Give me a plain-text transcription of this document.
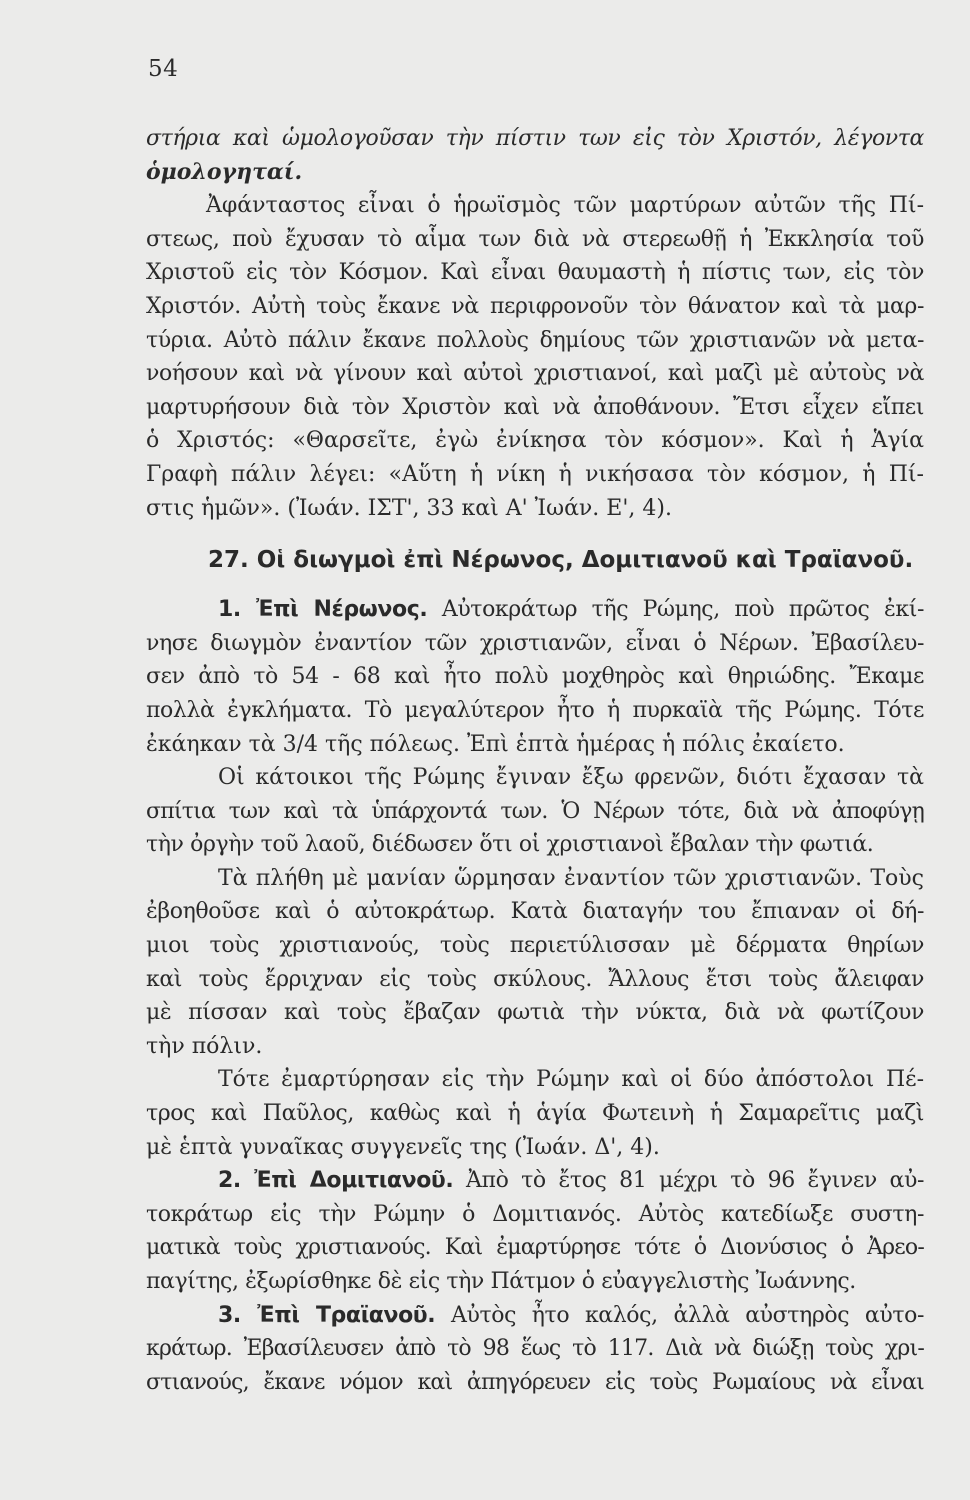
54
στήρια καὶ ὡμολογοῦσαν τὴν πίστιν των εἰς τὸν Χριστόν, λέγοντα
ὁμολογηταί.
Ἀφάνταστος εἶναι ὁ ἡρωϊσμὸς τῶν μαρτύρων αὐτῶν τῆς Πί-
στεως, ποὺ ἔχυσαν τὸ αἷμα των διὰ νὰ στερεωθῇ ἡ Ἐκκλησία τοῦ
Χριστοῦ εἰς τὸν Κόσμον. Καὶ εἶναι θαυμαστὴ ἡ πίστις των, εἰς τὸν
Χριστόν. Αὐτὴ τοὺς ἔκανε νὰ περιφρονοῦν τὸν θάνατον καὶ τὰ μαρ-
τύρια. Αὐτὸ πάλιν ἔκανε πολλοὺς δημίους τῶν χριστιανῶν νὰ μετα-
νοήσουν καὶ νὰ γίνουν καὶ αὐτοὶ χριστιανοί, καὶ μαζὶ μὲ αὐτοὺς νὰ
μαρτυρήσουν διὰ τὸν Χριστὸν καὶ νὰ ἀποθάνουν. Ἔτσι εἶχεν εἴπει
ὁ Χριστός: «Θαρσεῖτε, ἐγὼ ἐνίκησα τὸν κόσμον». Καὶ ἡ Ἁγία
Γραφὴ πάλιν λέγει: «Αὕτη ἡ νίκη ἡ νικήσασα τὸν κόσμον, ἡ Πί-
στις ἡμῶν». (Ἰωάν. ΙΣΤ', 33 καὶ Α' Ἰωάν. Ε', 4).
27. Οἱ διωγμοὶ ἐπὶ Νέρωνος, Δομιτιανοῦ καὶ Τραϊανοῦ.
1. Ἐπὶ Νέρωνος. Αὐτοκράτωρ τῆς Ρώμης, ποὺ πρῶτος ἐκί-
νησε διωγμὸν ἐναντίον τῶν χριστιανῶν, εἶναι ὁ Νέρων. Ἐβασίλευ-
σεν ἀπὸ τὸ 54 - 68 καὶ ἦτο πολὺ μοχθηρὸς καὶ θηριώδης. Ἔκαμε
πολλὰ ἐγκλήματα. Τὸ μεγαλύτερον ἦτο ἡ πυρκαϊὰ τῆς Ρώμης. Τότε
ἐκάηκαν τὰ 3/4 τῆς πόλεως. Ἐπὶ ἑπτὰ ἡμέρας ἡ πόλις ἐκαίετο.
Οἱ κάτοικοι τῆς Ρώμης ἔγιναν ἔξω φρενῶν, διότι ἔχασαν τὰ
σπίτια των καὶ τὰ ὑπάρχοντά των. Ὁ Νέρων τότε, διὰ νὰ ἀποφύγῃ
τὴν ὀργὴν τοῦ λαοῦ, διέδωσεν ὅτι οἱ χριστιανοὶ ἔβαλαν τὴν φωτιά.
Τὰ πλήθη μὲ μανίαν ὥρμησαν ἐναντίον τῶν χριστιανῶν. Τοὺς
ἐβοηθοῦσε καὶ ὁ αὐτοκράτωρ. Κατὰ διαταγήν του ἔπιαναν οἱ δή-
μιοι τοὺς χριστιανούς, τοὺς περιετύλισσαν μὲ δέρματα θηρίων
καὶ τοὺς ἔρριχναν εἰς τοὺς σκύλους. Ἄλλους ἔτσι τοὺς ἄλειφαν
μὲ πίσσαν καὶ τοὺς ἔβαζαν φωτιὰ τὴν νύκτα, διὰ νὰ φωτίζουν
τὴν πόλιν.
Τότε ἐμαρτύρησαν εἰς τὴν Ρώμην καὶ οἱ δύο ἀπόστολοι Πέ-
τρος καὶ Παῦλος, καθὼς καὶ ἡ ἁγία Φωτεινὴ ἡ Σαμαρεῖτις μαζὶ
μὲ ἑπτὰ γυναῖκας συγγενεῖς της (Ἰωάν. Δ', 4).
2. Ἐπὶ Δομιτιανοῦ. Ἀπὸ τὸ ἔτος 81 μέχρι τὸ 96 ἔγινεν αὐ-
τοκράτωρ εἰς τὴν Ρώμην ὁ Δομιτιανός. Αὐτὸς κατεδίωξε συστη-
ματικὰ τοὺς χριστιανούς. Καὶ ἐμαρτύρησε τότε ὁ Διονύσιος ὁ Ἀρεο-
παγίτης, ἐξωρίσθηκε δὲ εἰς τὴν Πάτμον ὁ εὐαγγελιστὴς Ἰωάννης.
3. Ἐπὶ Τραϊανοῦ. Αὐτὸς ἦτο καλός, ἀλλὰ αὐστηρὸς αὐτο-
κράτωρ. Ἐβασίλευσεν ἀπὸ τὸ 98 ἕως τὸ 117. Διὰ νὰ διώξῃ τοὺς χρι-
στιανούς, ἔκανε νόμον καὶ ἀπηγόρευεν εἰς τοὺς Ρωμαίους νὰ εἶναι
